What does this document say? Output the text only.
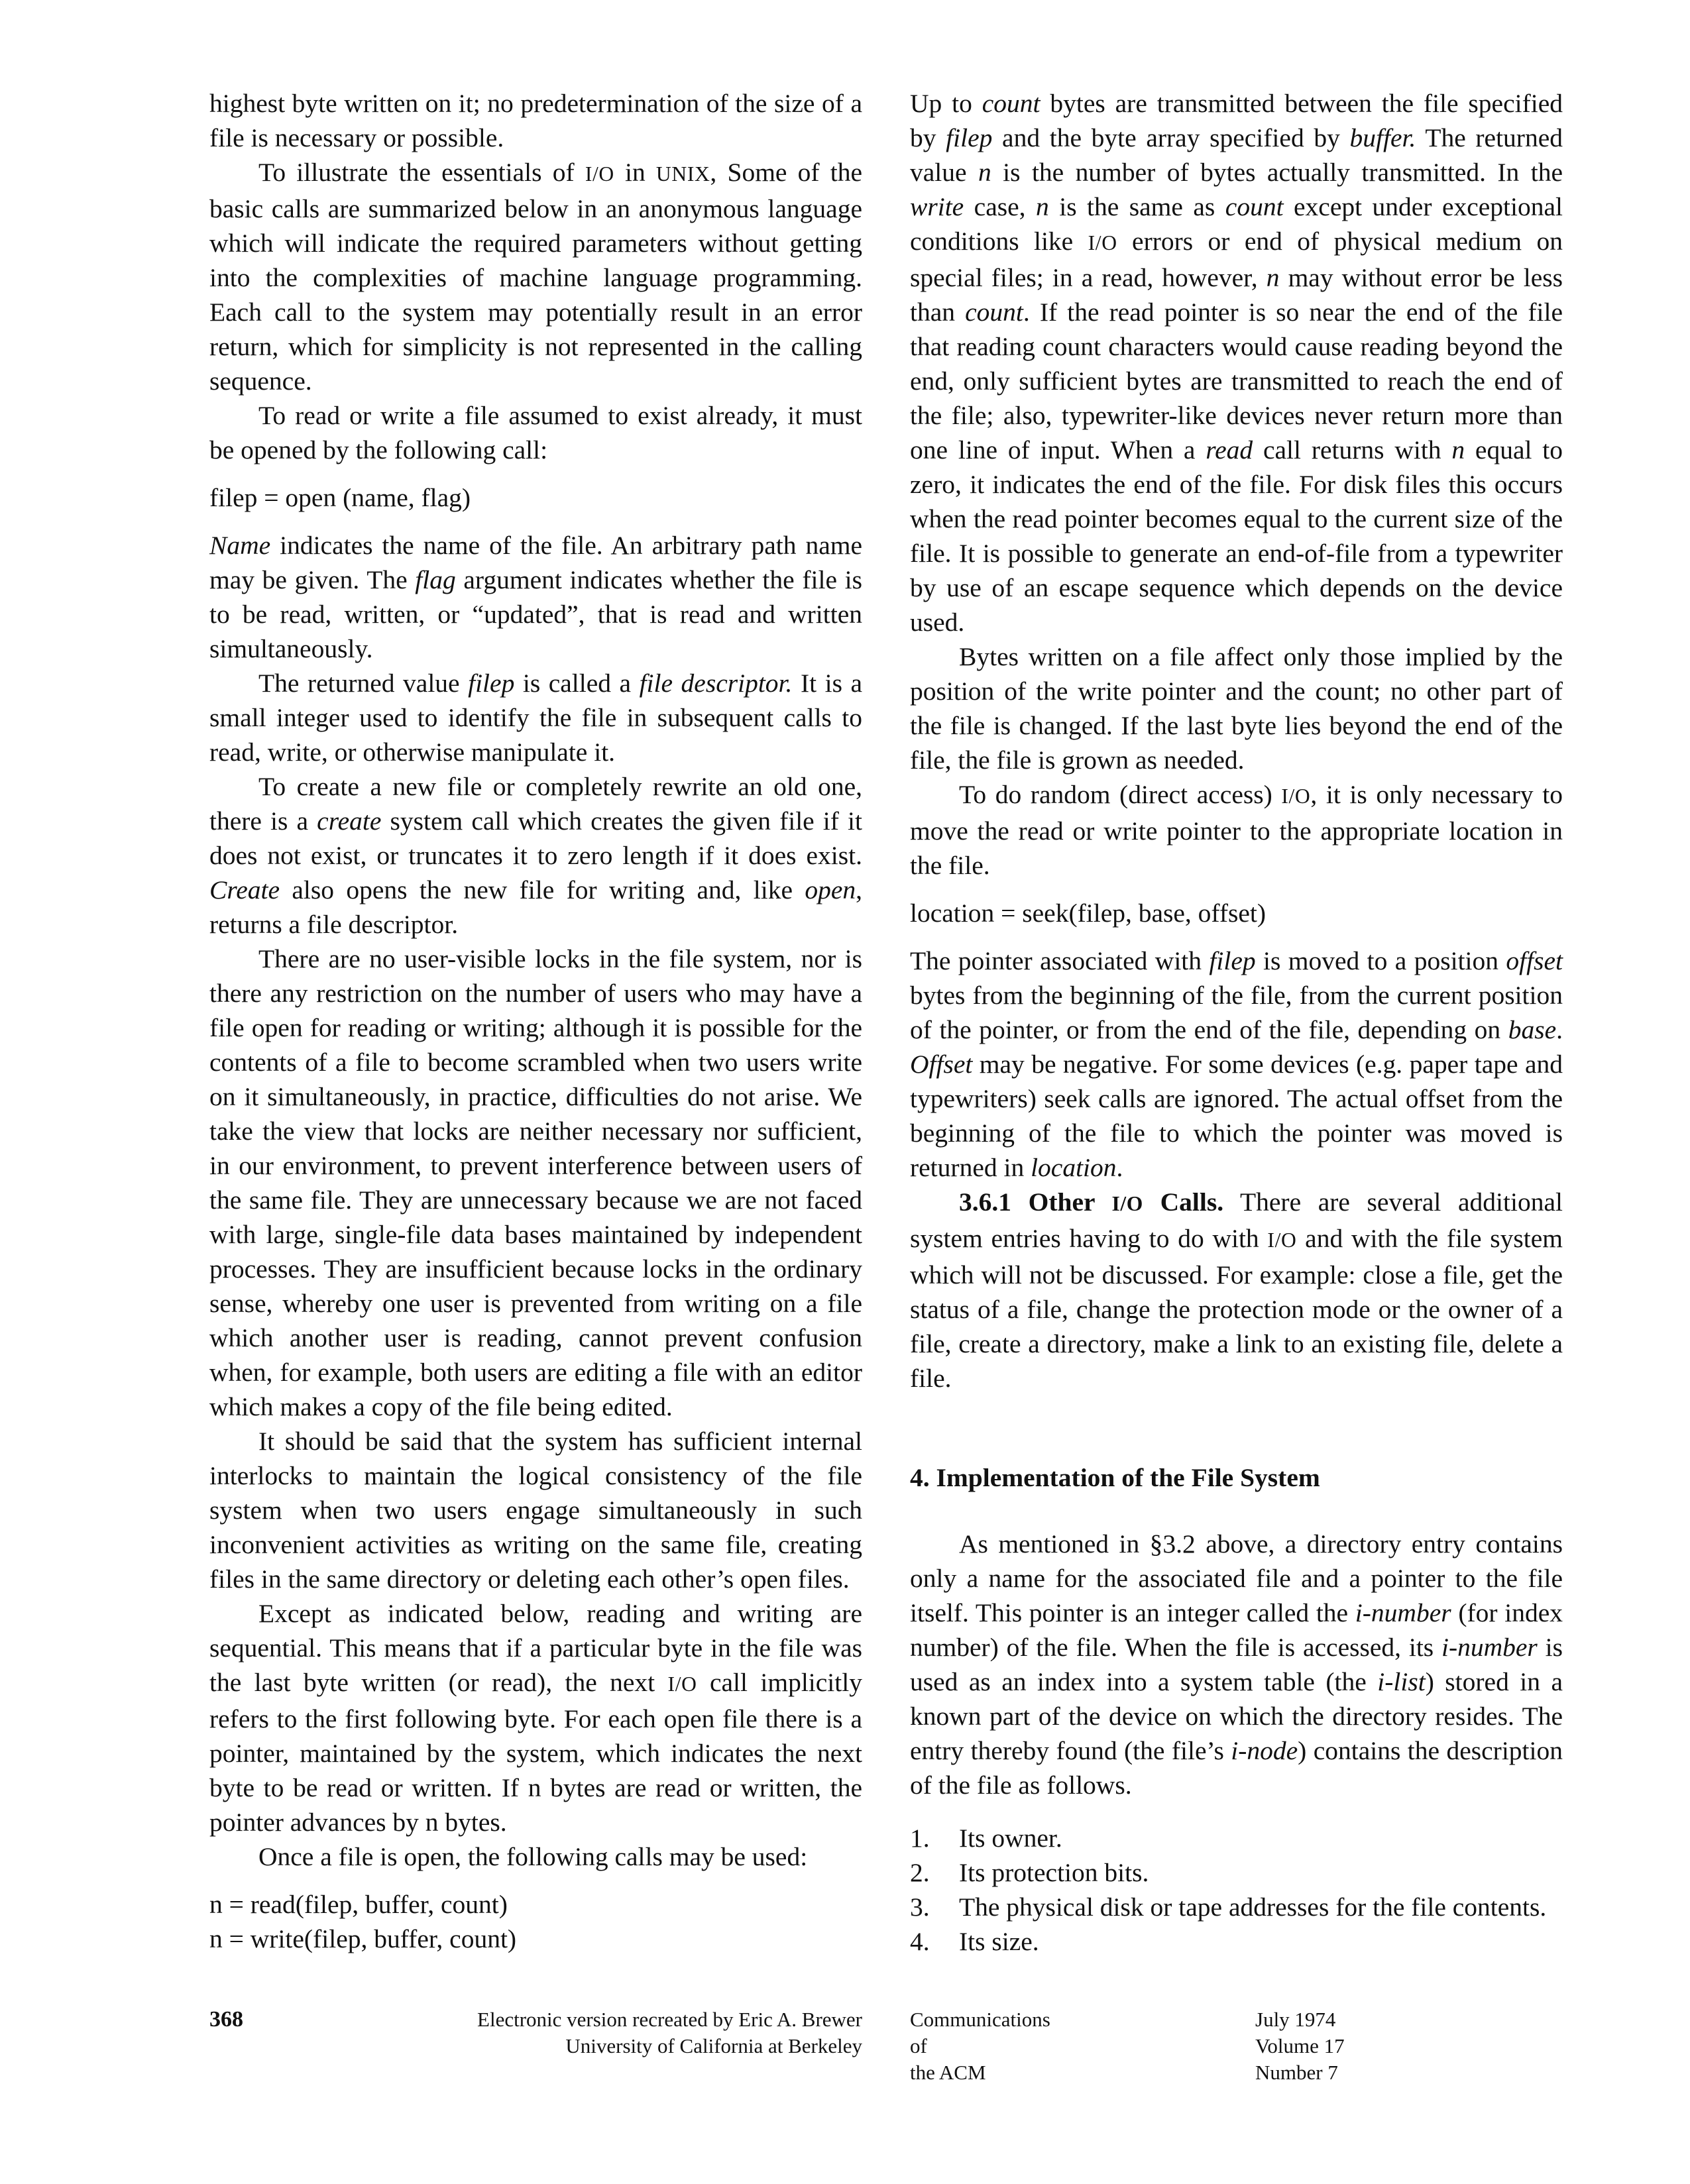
highest byte written on it; no predetermination of the size of a file is necessary or possible.

To illustrate the essentials of I/O in UNIX, Some of the basic calls are summarized below in an anonymous language which will indicate the required parameters without getting into the complexities of machine language programming. Each call to the system may potentially result in an error return, which for simplicity is not represented in the calling sequence.

To read or write a file assumed to exist already, it must be opened by the following call:

filep = open (name, flag)

Name indicates the name of the file. An arbitrary path name may be given. The flag argument indicates whether the file is to be read, written, or “updated”, that is read and written simultaneously.

The returned value filep is called a file descriptor. It is a small integer used to identify the file in subsequent calls to read, write, or otherwise manipulate it.

To create a new file or completely rewrite an old one, there is a create system call which creates the given file if it does not exist, or truncates it to zero length if it does exist. Create also opens the new file for writing and, like open, returns a file descriptor.

There are no user-visible locks in the file system, nor is there any restriction on the number of users who may have a file open for reading or writing; although it is possible for the contents of a file to become scrambled when two users write on it simultaneously, in practice, difficulties do not arise. We take the view that locks are neither necessary nor sufficient, in our environment, to prevent interference between users of the same file. They are unnecessary because we are not faced with large, single-file data bases maintained by independent processes. They are insufficient because locks in the ordinary sense, whereby one user is prevented from writing on a file which another user is reading, cannot prevent confusion when, for example, both users are editing a file with an editor which makes a copy of the file being edited.

It should be said that the system has sufficient internal interlocks to maintain the logical consistency of the file system when two users engage simultaneously in such inconvenient activities as writing on the same file, creating files in the same directory or deleting each other’s open files.

Except as indicated below, reading and writing are sequential. This means that if a particular byte in the file was the last byte written (or read), the next I/O call implicitly refers to the first following byte. For each open file there is a pointer, maintained by the system, which indicates the next byte to be read or written. If n bytes are read or written, the pointer advances by n bytes.

Once a file is open, the following calls may be used:

n = read(filep, buffer, count)
n = write(filep, buffer, count)

Up to count bytes are transmitted between the file specified by filep and the byte array specified by buffer. The returned value n is the number of bytes actually transmitted. In the write case, n is the same as count except under exceptional conditions like I/O errors or end of physical medium on special files; in a read, however, n may without error be less than count. If the read pointer is so near the end of the file that reading count characters would cause reading beyond the end, only sufficient bytes are transmitted to reach the end of the file; also, typewriter-like devices never return more than one line of input. When a read call returns with n equal to zero, it indicates the end of the file. For disk files this occurs when the read pointer becomes equal to the current size of the file. It is possible to generate an end-of-file from a typewriter by use of an escape sequence which depends on the device used.

Bytes written on a file affect only those implied by the position of the write pointer and the count; no other part of the file is changed. If the last byte lies beyond the end of the file, the file is grown as needed.

To do random (direct access) I/O, it is only necessary to move the read or write pointer to the appropriate location in the file.

location = seek(filep, base, offset)

The pointer associated with filep is moved to a position offset bytes from the beginning of the file, from the current position of the pointer, or from the end of the file, depending on base. Offset may be negative. For some devices (e.g. paper tape and typewriters) seek calls are ignored. The actual offset from the beginning of the file to which the pointer was moved is returned in location.

3.6.1 Other I/O Calls. There are several additional system entries having to do with I/O and with the file system which will not be discussed. For example: close a file, get the status of a file, change the protection mode or the owner of a file, create a directory, make a link to an existing file, delete a file.

4. Implementation of the File System

As mentioned in §3.2 above, a directory entry contains only a name for the associated file and a pointer to the file itself. This pointer is an integer called the i-number (for index number) of the file. When the file is accessed, its i-number is used as an index into a system table (the i-list) stored in a known part of the device on which the directory resides. The entry thereby found (the file’s i-node) contains the description of the file as follows.

1. Its owner.
2. Its protection bits.
3. The physical disk or tape addresses for the file contents.
4. Its size.
368	Electronic version recreated by Eric A. Brewer
University of California at Berkeley
Communications
of
the ACM
July 1974
Volume 17
Number 7
